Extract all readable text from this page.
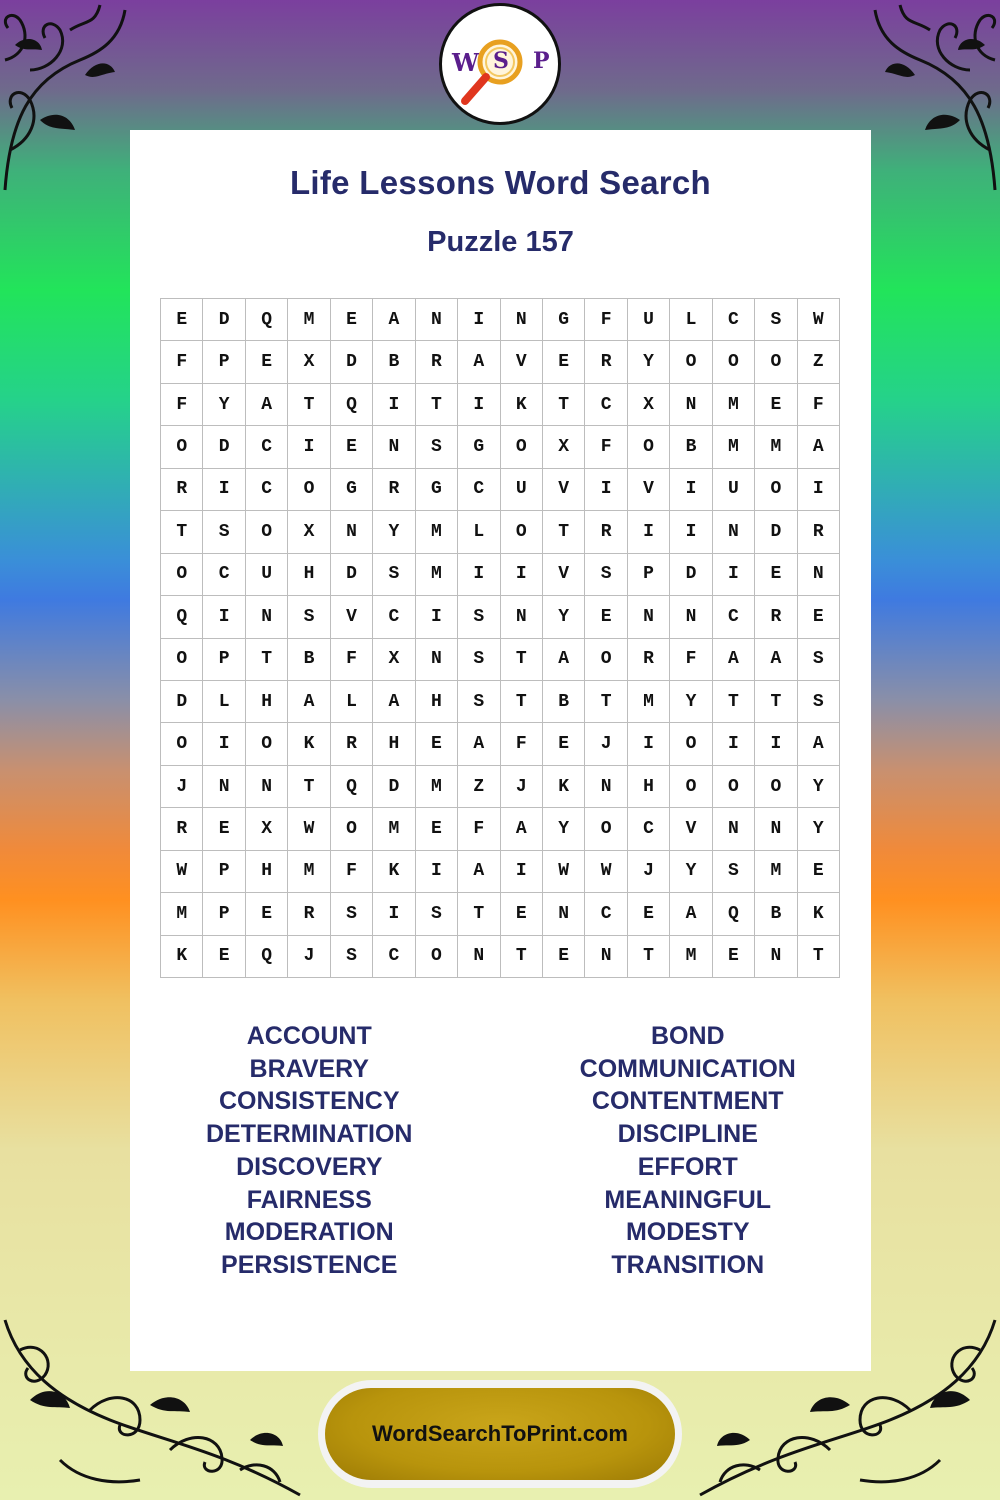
Life Lessons Word Search
Puzzle 157
E	D	Q	M	E	A	N	I	N	G	F	U	L	C	S	W
F	P	E	X	D	B	R	A	V	E	R	Y	O	O	O	Z
F	Y	A	T	Q	I	T	I	K	T	C	X	N	M	E	F
O	D	C	I	E	N	S	G	O	X	F	O	B	M	M	A
R	I	C	O	G	R	G	C	U	V	I	V	I	U	O	I
T	S	O	X	N	Y	M	L	O	T	R	I	I	N	D	R
O	C	U	H	D	S	M	I	I	V	S	P	D	I	E	N
Q	I	N	S	V	C	I	S	N	Y	E	N	N	C	R	E
O	P	T	B	F	X	N	S	T	A	O	R	F	A	A	S
D	L	H	A	L	A	H	S	T	B	T	M	Y	T	T	S
O	I	O	K	R	H	E	A	F	E	J	I	O	I	I	A
J	N	N	T	Q	D	M	Z	J	K	N	H	O	O	O	Y
R	E	X	W	O	M	E	F	A	Y	O	C	V	N	N	Y
W	P	H	M	F	K	I	A	I	W	W	J	Y	S	M	E
M	P	E	R	S	I	S	T	E	N	C	E	A	Q	B	K
K	E	Q	J	S	C	O	N	T	E	N	T	M	E	N	T
ACCOUNT
BRAVERY
CONSISTENCY
DETERMINATION
DISCOVERY
FAIRNESS
MODERATION
PERSISTENCE
BOND
COMMUNICATION
CONTENTMENT
DISCIPLINE
EFFORT
MEANINGFUL
MODESTY
TRANSITION
W S P
WordSearchToPrint.com
